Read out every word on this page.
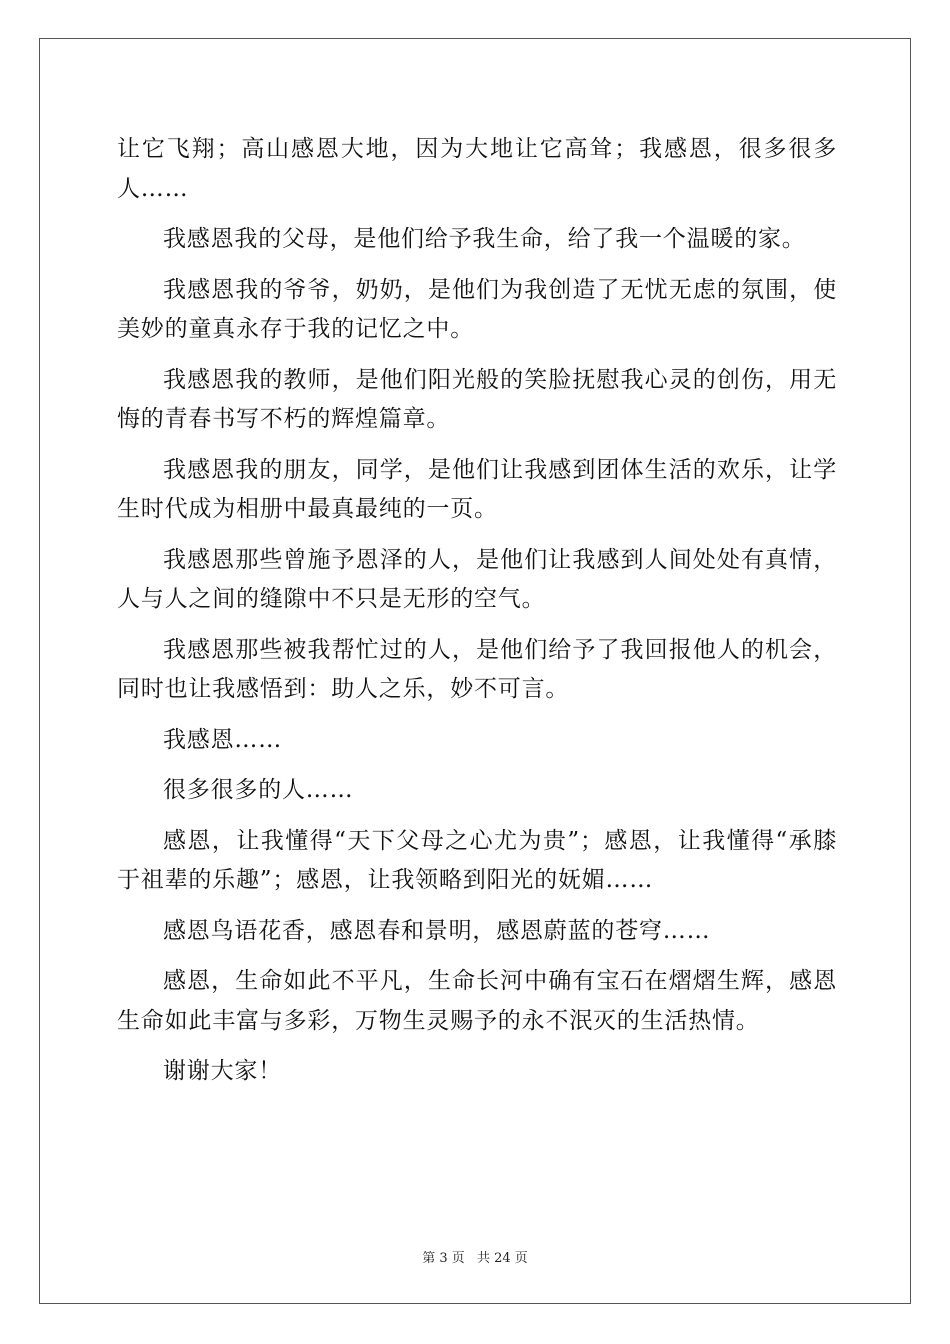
让它飞翔；高山感恩大地，因为大地让它高耸；我感恩，很多很多人……

我感恩我的父母，是他们给予我生命，给了我一个温暖的家。

我感恩我的爷爷，奶奶，是他们为我创造了无忧无虑的氛围，使美妙的童真永存于我的记忆之中。

我感恩我的教师，是他们阳光般的笑脸抚慰我心灵的创伤，用无悔的青春书写不朽的辉煌篇章。

我感恩我的朋友，同学，是他们让我感到团体生活的欢乐，让学生时代成为相册中最真最纯的一页。

我感恩那些曾施予恩泽的人，是他们让我感到人间处处有真情，人与人之间的缝隙中不只是无形的空气。

我感恩那些被我帮忙过的人，是他们给予了我回报他人的机会，同时也让我感悟到：助人之乐，妙不可言。

我感恩……

很多很多的人……

感恩，让我懂得“天下父母之心尤为贵”；感恩，让我懂得“承膝于祖辈的乐趣”；感恩，让我领略到阳光的妩媚……

感恩鸟语花香，感恩春和景明，感恩蔚蓝的苍穹……

感恩，生命如此不平凡，生命长河中确有宝石在熠熠生辉，感恩生命如此丰富与多彩，万物生灵赐予的永不泯灭的生活热情。

谢谢大家！

第 3 页 共 24 页
